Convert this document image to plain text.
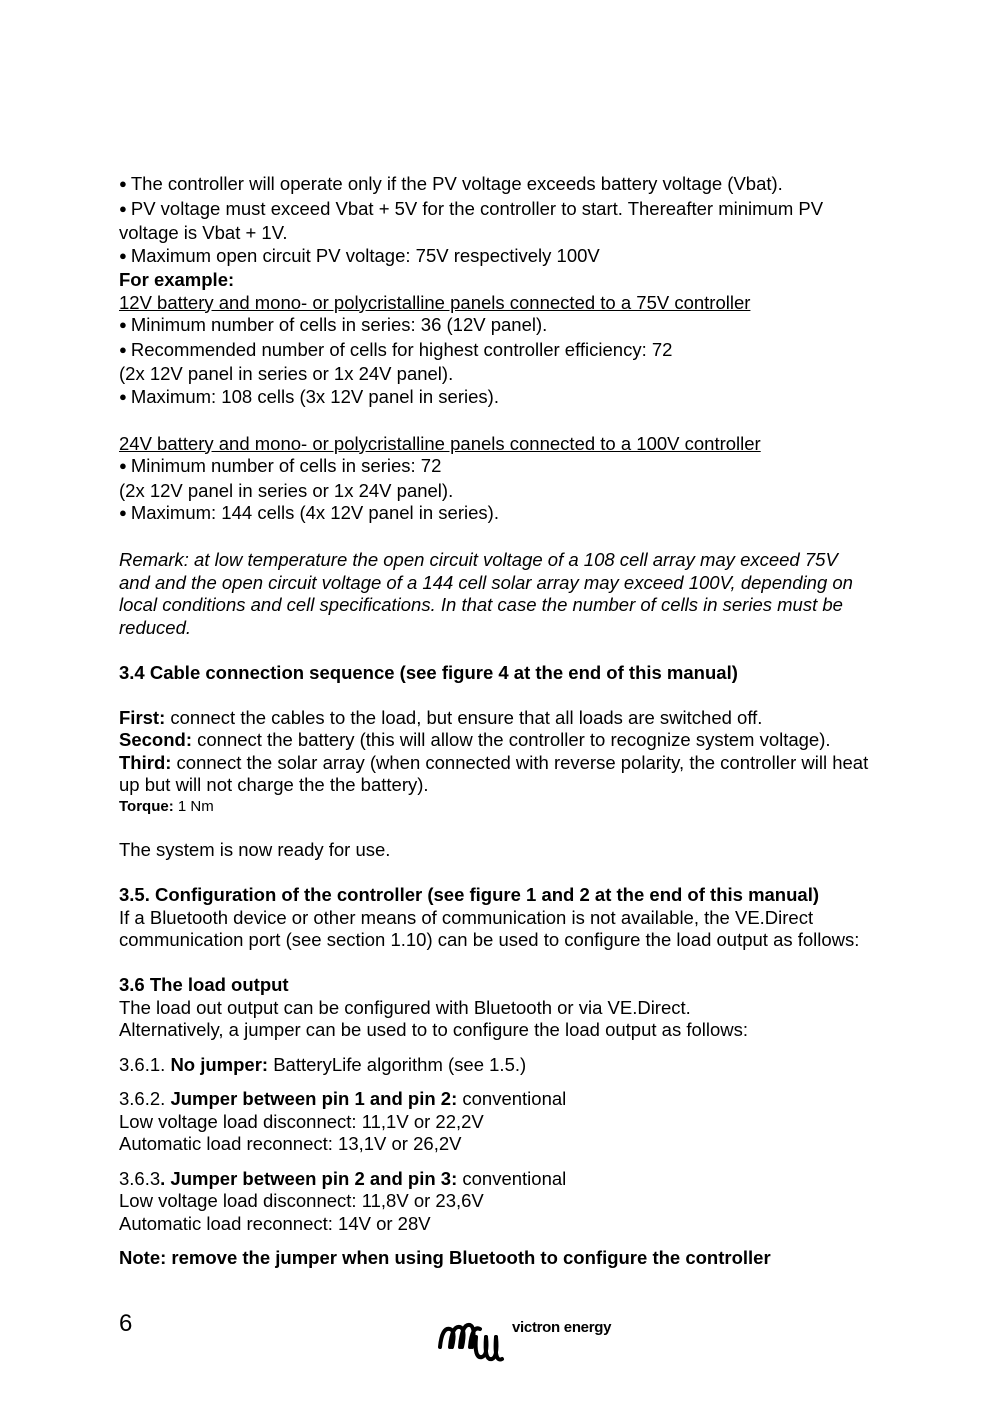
● The controller will operate only if the PV voltage exceeds battery voltage (Vbat).
● PV voltage must exceed Vbat + 5V for the controller to start. Thereafter minimum PV
voltage is Vbat + 1V.
● Maximum open circuit PV voltage: 75V respectively 100V
For example:
12V battery and mono- or polycristalline panels connected to a 75V controller
● Minimum number of cells in series: 36 (12V panel).
● Recommended number of cells for highest controller efficiency: 72
(2x 12V panel in series or 1x 24V panel).
● Maximum: 108 cells (3x 12V panel in series).
24V battery and mono- or polycristalline panels connected to a 100V controller
● Minimum number of cells in series: 72
(2x 12V panel in series or 1x 24V panel).
● Maximum: 144 cells (4x 12V panel in series).
Remark: at low temperature the open circuit voltage of a 108 cell array may exceed 75V
and and the open circuit voltage of a 144 cell solar array may exceed 100V, depending on
local conditions and cell specifications. In that case the number of cells in series must be
reduced.
3.4 Cable connection sequence (see figure 4 at the end of this manual)
First: connect the cables to the load, but ensure that all loads are switched off.
Second: connect the battery (this will allow the controller to recognize system voltage).
Third: connect the solar array (when connected with reverse polarity, the controller will heat
up but will not charge the the battery).
Torque: 1 Nm
The system is now ready for use.
3.5. Configuration of the controller (see figure 1 and 2 at the end of this manual)
If a Bluetooth device or other means of communication is not available, the VE.Direct
communication port (see section 1.10) can be used to configure the load output as follows:
3.6 The load output
The load out output can be configured with Bluetooth or via VE.Direct.
Alternatively, a jumper can be used to to configure the load output as follows:
3.6.1. No jumper: BatteryLife algorithm (see 1.5.)
3.6.2. Jumper between pin 1 and pin 2: conventional
Low voltage load disconnect: 11,1V or 22,2V
Automatic load reconnect: 13,1V or 26,2V
3.6.3. Jumper between pin 2 and pin 3: conventional
Low voltage load disconnect: 11,8V or 23,6V
Automatic load reconnect: 14V or 28V
Note: remove the jumper when using Bluetooth to configure the controller
6	victron energy
